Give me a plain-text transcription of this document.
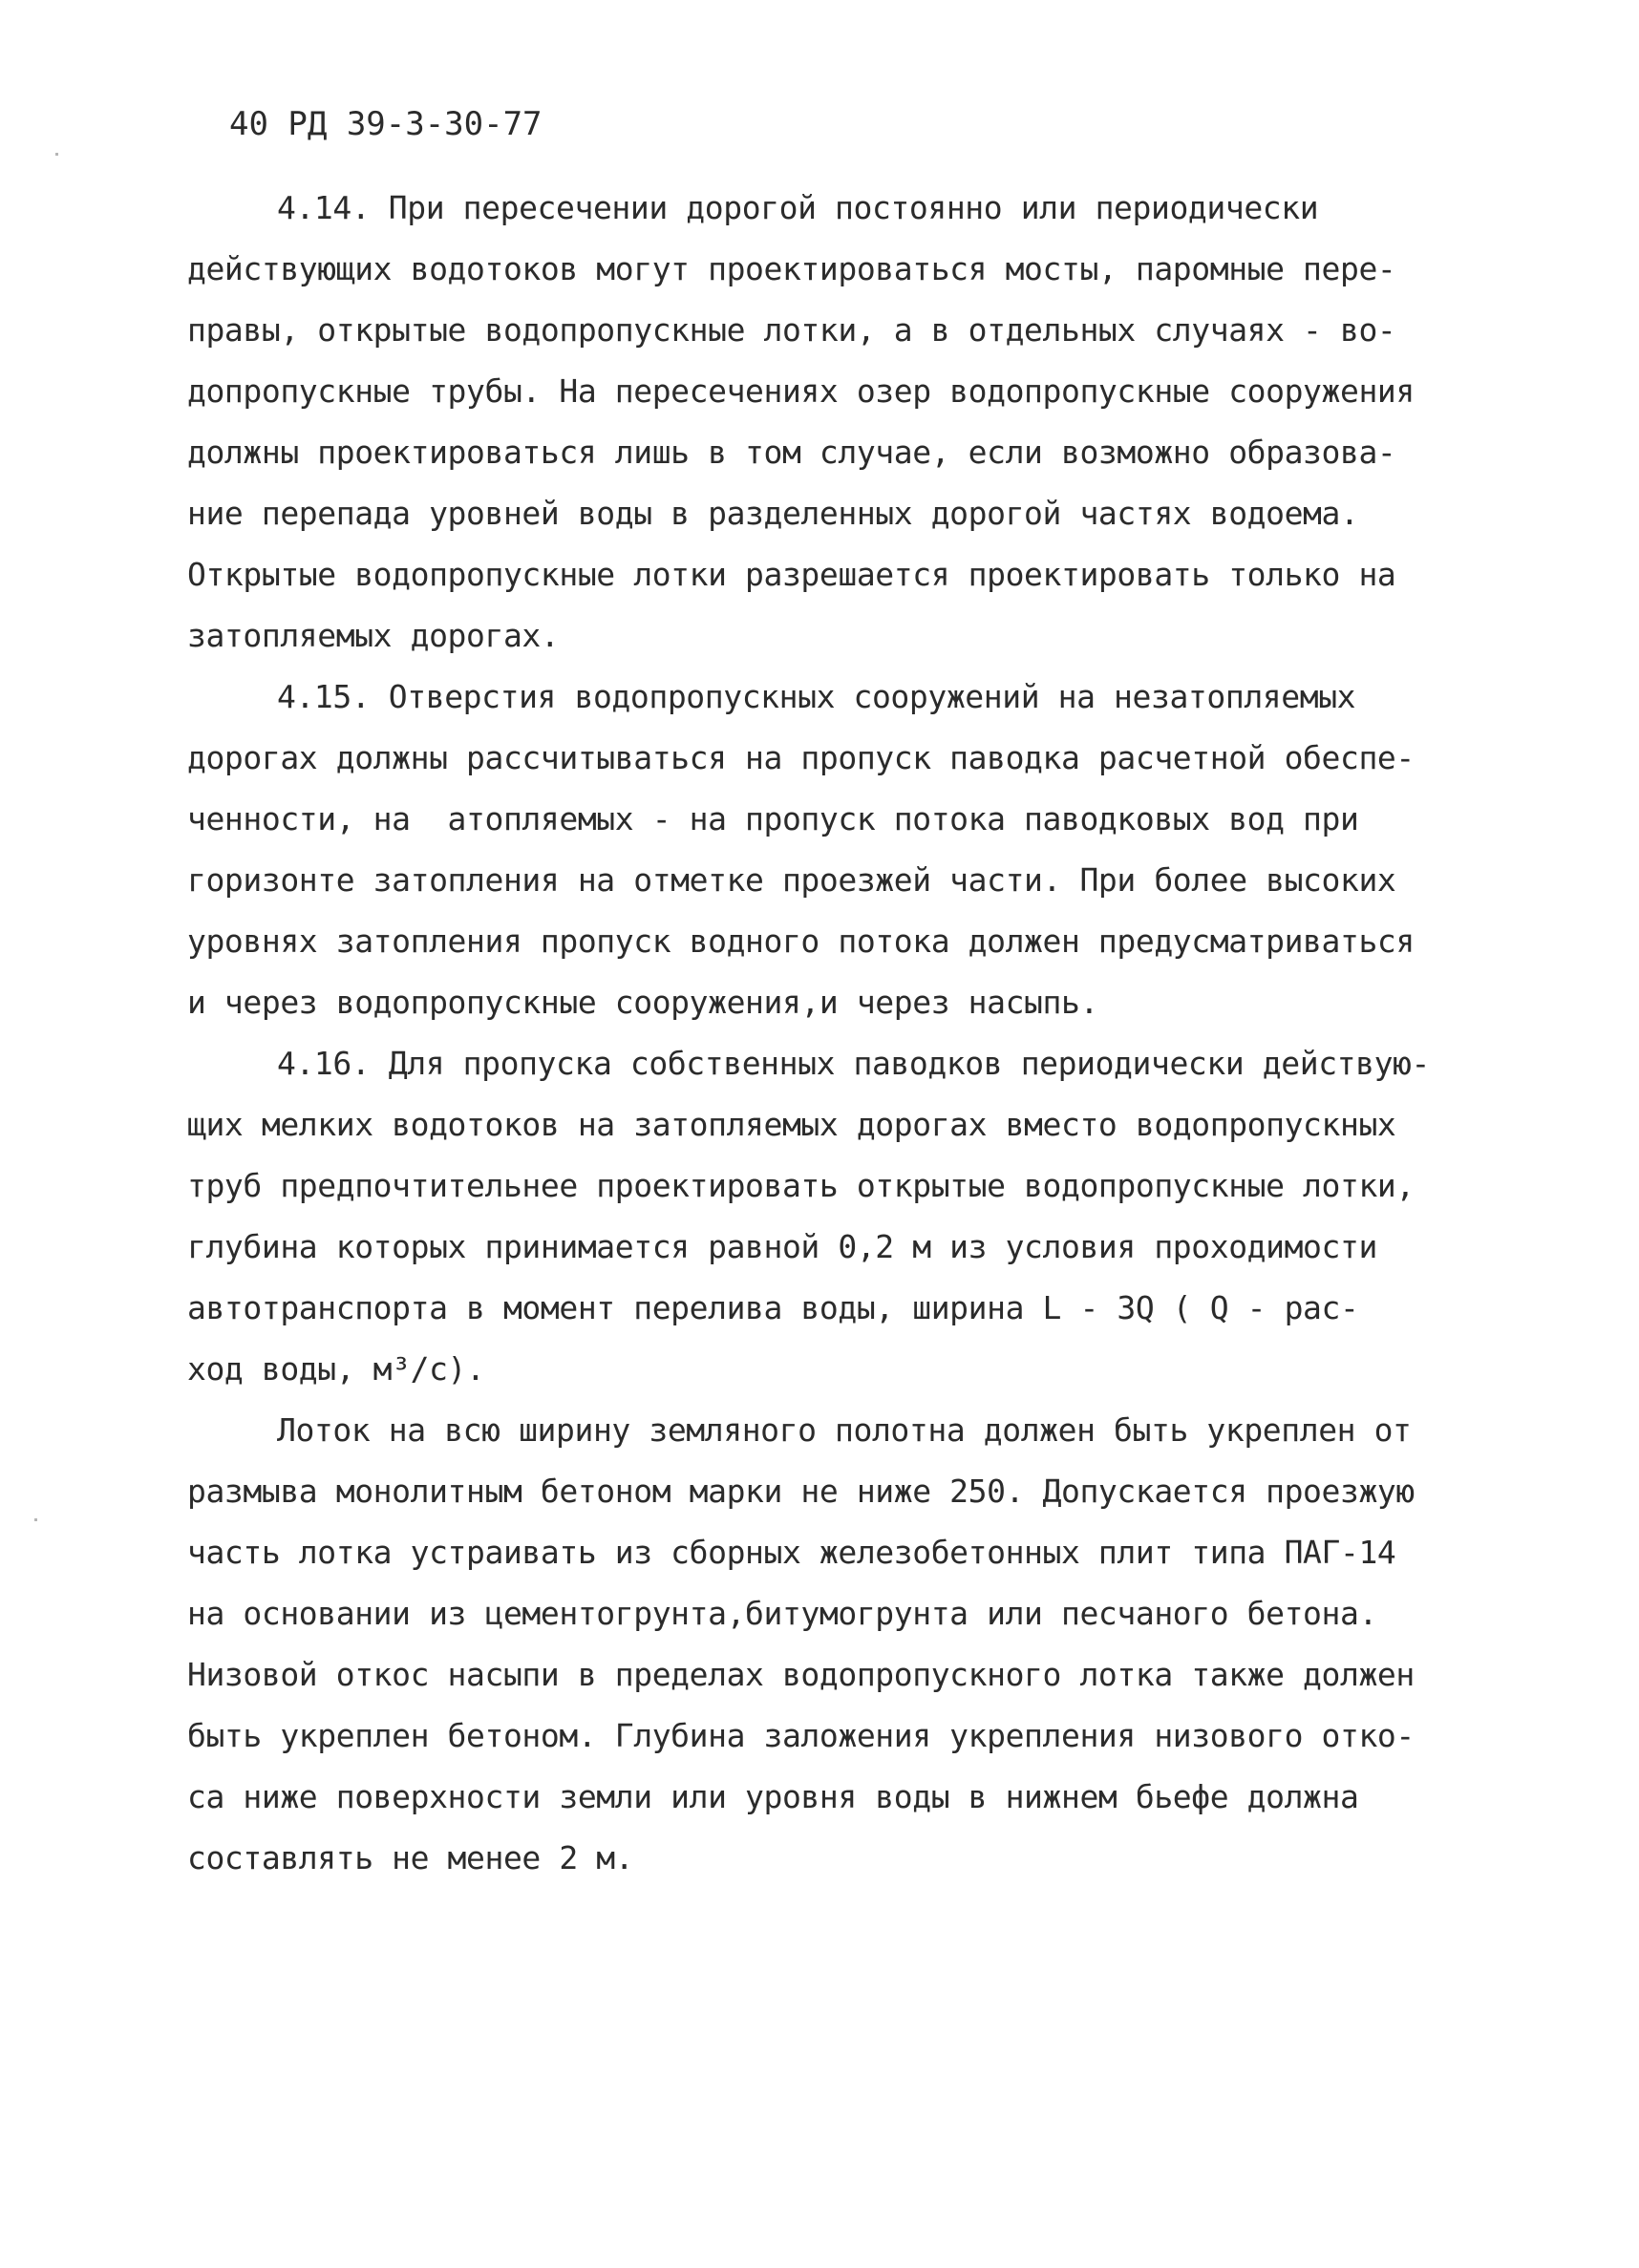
40 РД 39-3-30-77
4.14. При пересечении дорогой постоянно или периодически
действующих водотоков могут проектироваться мосты, паромные пере-
правы, открытые водопропускные лотки, а в отдельных случаях - во-
допропускные трубы. На пересечениях озер водопропускные сооружения
должны проектироваться лишь в том случае, если возможно образова-
ние перепада уровней воды в разделенных дорогой частях водоема.
Открытые водопропускные лотки разрешается проектировать только на
затопляемых дорогах.
4.15. Отверстия водопропускных сооружений на незатопляемых
дорогах должны рассчитываться на пропуск паводка расчетной обеспе-
ченности, на  атопляемых - на пропуск потока паводковых вод при
горизонте затопления на отметке проезжей части. При более высоких
уровнях затопления пропуск водного потока должен предусматриваться
и через водопропускные сооружения,и через насыпь.
4.16. Для пропуска собственных паводков периодически действую-
щих мелких водотоков на затопляемых дорогах вместо водопропускных
труб предпочтительнее проектировать открытые водопропускные лотки,
глубина которых принимается равной 0,2 м из условия проходимости
автотранспорта в момент перелива воды, ширина L - 3Q ( Q - рас-
ход воды, м³/с).
Лоток на всю ширину земляного полотна должен быть укреплен от
размыва монолитным бетоном марки не ниже 250. Допускается проезжую
часть лотка устраивать из сборных железобетонных плит типа ПАГ-14
на основании из цементогрунта,битумогрунта или песчаного бетона.
Низовой откос насыпи в пределах водопропускного лотка также должен
быть укреплен бетоном. Глубина заложения укрепления низового отко-
са ниже поверхности земли или уровня воды в нижнем бьефе должна
составлять не менее 2 м.
